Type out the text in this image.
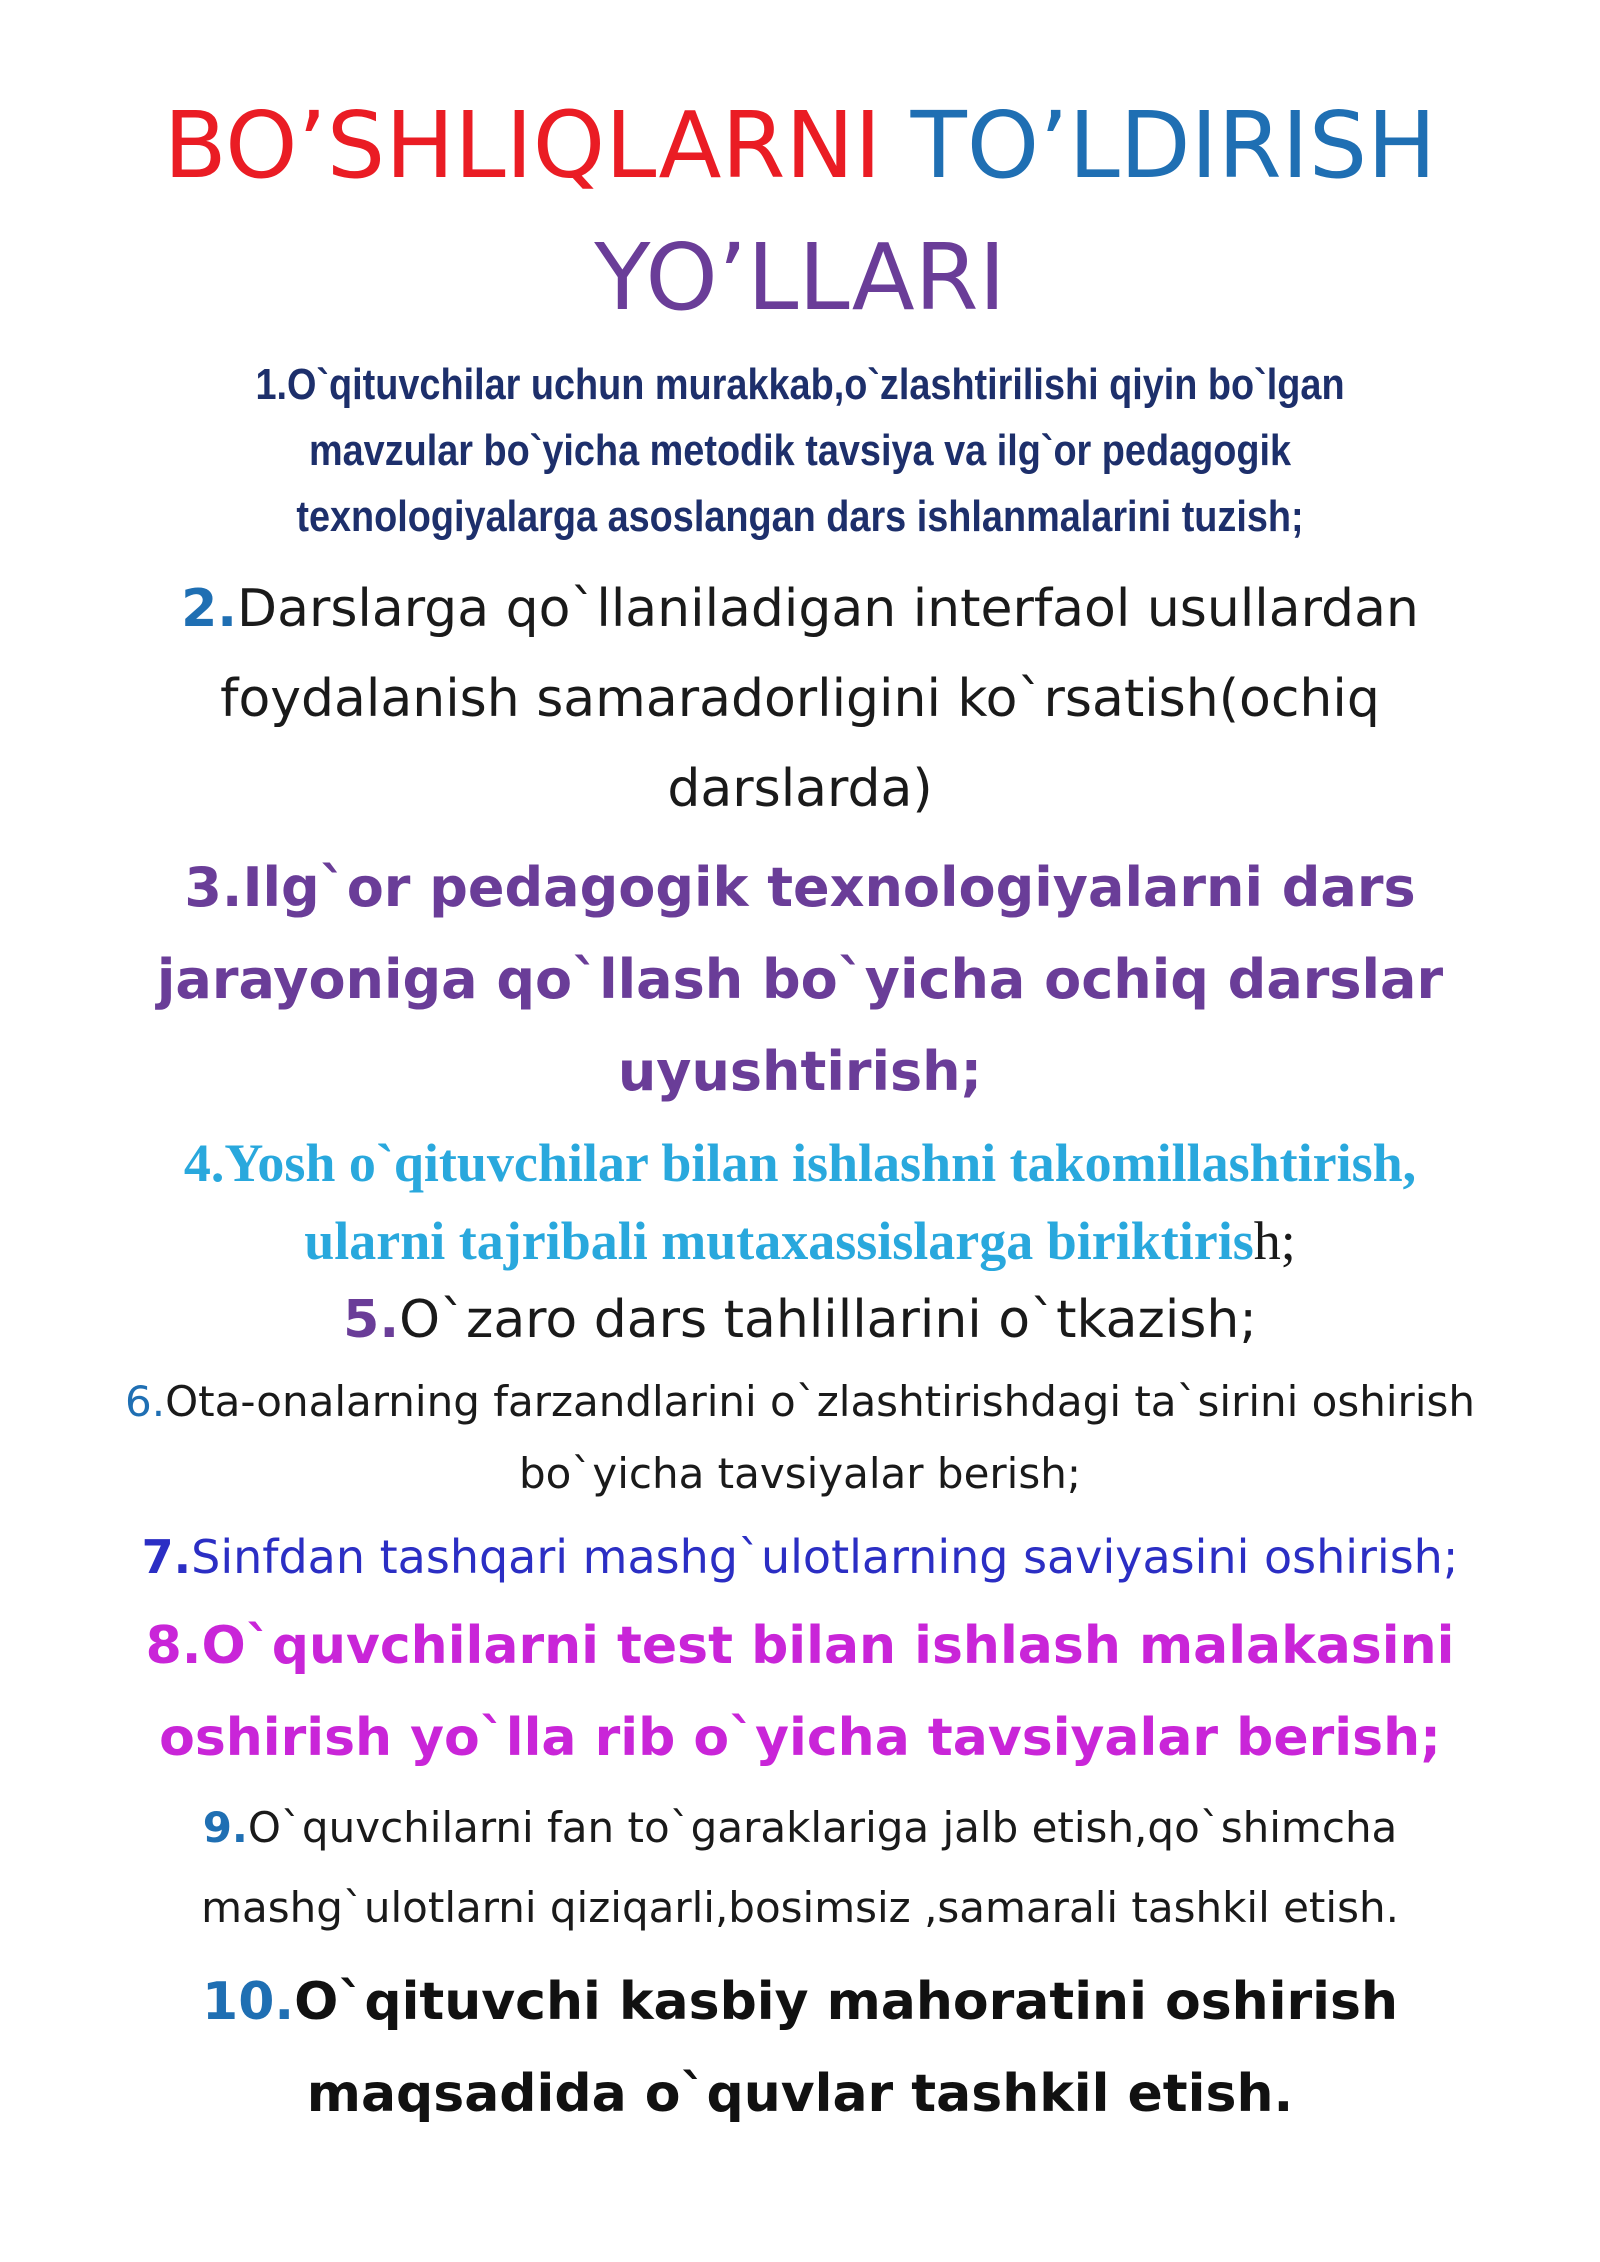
BO’SHLIQLARNI TO’LDIRISH
YO’LLARI
1.O`qituvchilar uchun murakkab,o`zlashtirilishi qiyin bo`lgan
mavzular bo`yicha metodik tavsiya va ilg`or pedagogik
texnologiyalarga asoslangan dars ishlanmalarini tuzish;
2.Darslarga qo`llaniladigan interfaol usullardan
foydalanish samaradorligini ko`rsatish(ochiq
darslarda)
3.Ilg`or pedagogik texnologiyalarni dars
jarayoniga qo`llash bo`yicha ochiq darslar
uyushtirish;
4.Yosh o`qituvchilar bilan ishlashni takomillashtirish,
ularni tajribali mutaxassislarga biriktirish;
5.O`zaro dars tahlillarini o`tkazish;
6.Ota-onalarning farzandlarini o`zlashtirishdagi ta`sirini oshirish
bo`yicha tavsiyalar berish;
7.Sinfdan tashqari mashg`ulotlarning saviyasini oshirish;
8.O`quvchilarni test bilan ishlash malakasini
oshirish yo`lla rib o`yicha tavsiyalar berish;
9.O`quvchilarni fan to`garaklariga jalb etish,qo`shimcha
mashg`ulotlarni qiziqarli,bosimsiz ,samarali tashkil etish.
10.O`qituvchi kasbiy mahoratini oshirish
maqsadida o`quvlar tashkil etish.
